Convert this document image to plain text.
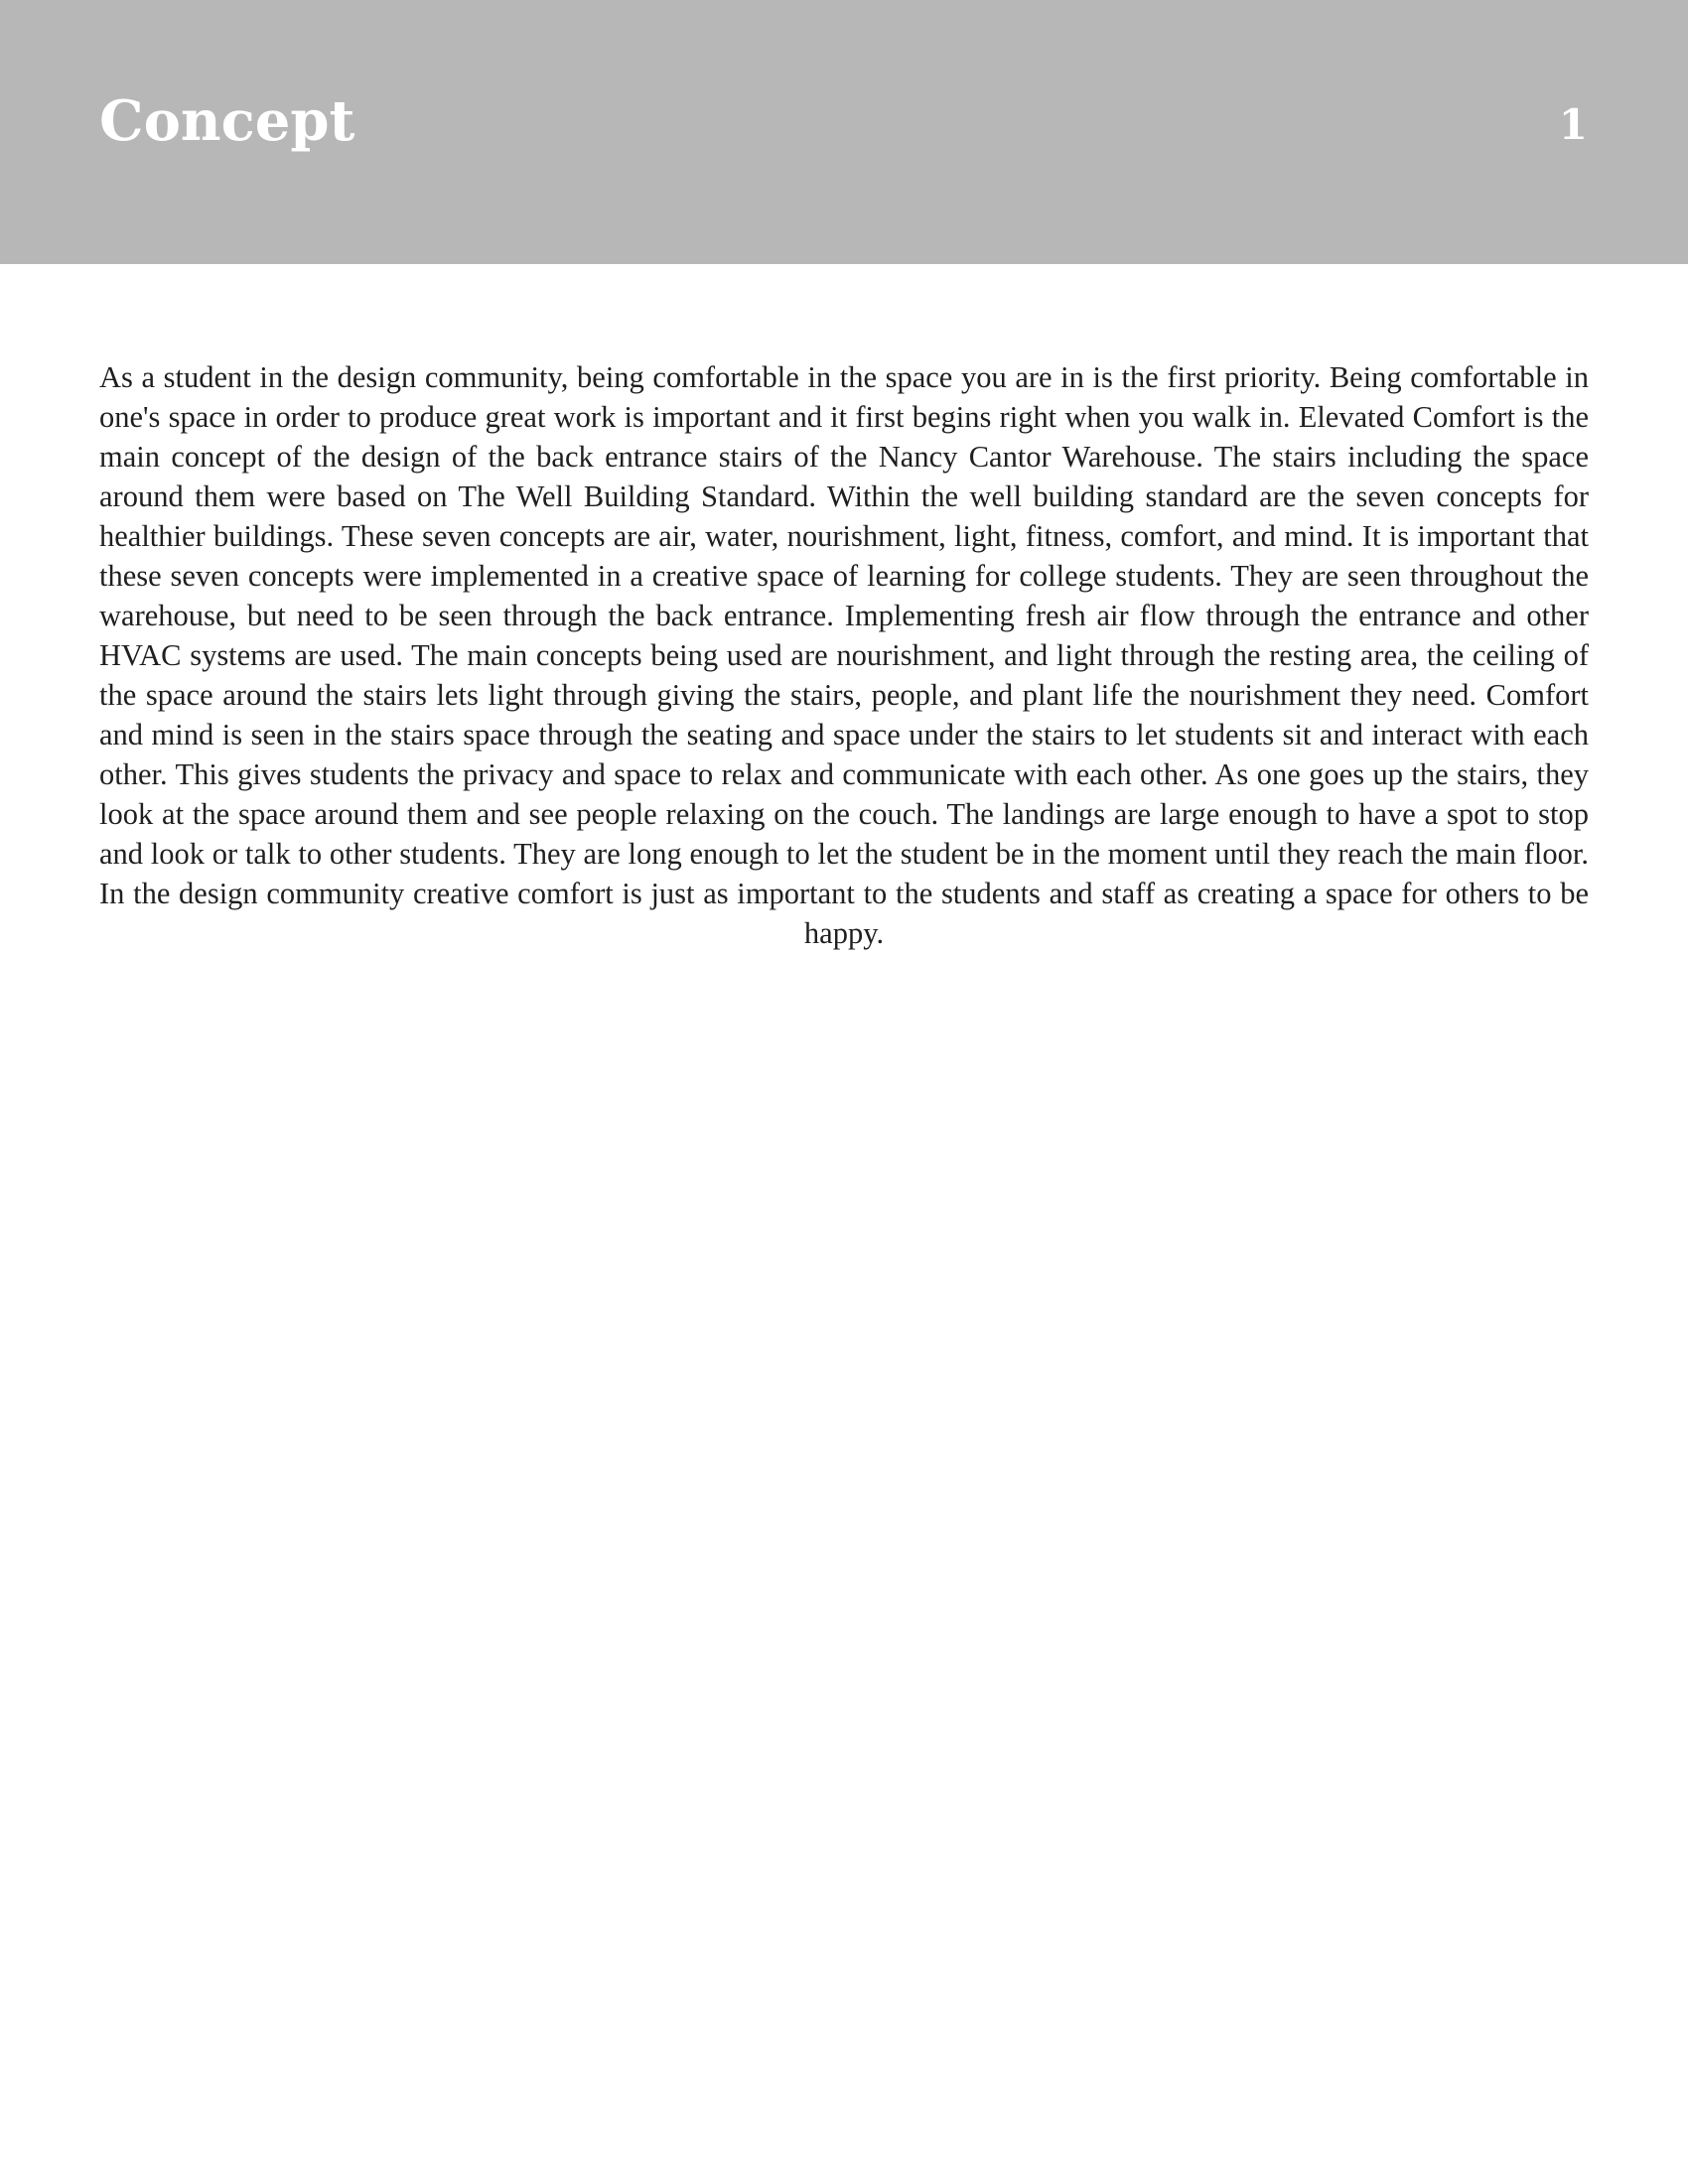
Concept	1

As a student in the design community, being comfortable in the space you are in is the first priority. Being comfortable in one's space in order to produce great work is important and it first begins right when you walk in. Elevated Comfort is the main concept of the design of the back entrance stairs of the Nancy Cantor Warehouse. The stairs including the space around them were based on The Well Building Standard. Within the well building standard are the seven concepts for healthier buildings. These seven concepts are air, water, nourishment, light, fitness, comfort, and mind. It is important that these seven concepts were implemented in a creative space of learning for college students. They are seen throughout the warehouse, but need to be seen through the back entrance. Implementing fresh air flow through the entrance and other HVAC systems are used. The main concepts being used are nourishment, and light through the resting area, the ceiling of the space around the stairs lets light through giving the stairs, people, and plant life the nourishment they need. Comfort and mind is seen in the stairs space through the seating and space under the stairs to let students sit and interact with each other. This gives students the privacy and space to relax and communicate with each other. As one goes up the stairs, they look at the space around them and see people relaxing on the couch. The landings are large enough to have a spot to stop and look or talk to other students. They are long enough to let the student be in the moment until they reach the main floor. In the design community creative comfort is just as important to the students and staff as creating a space for others to be happy.
